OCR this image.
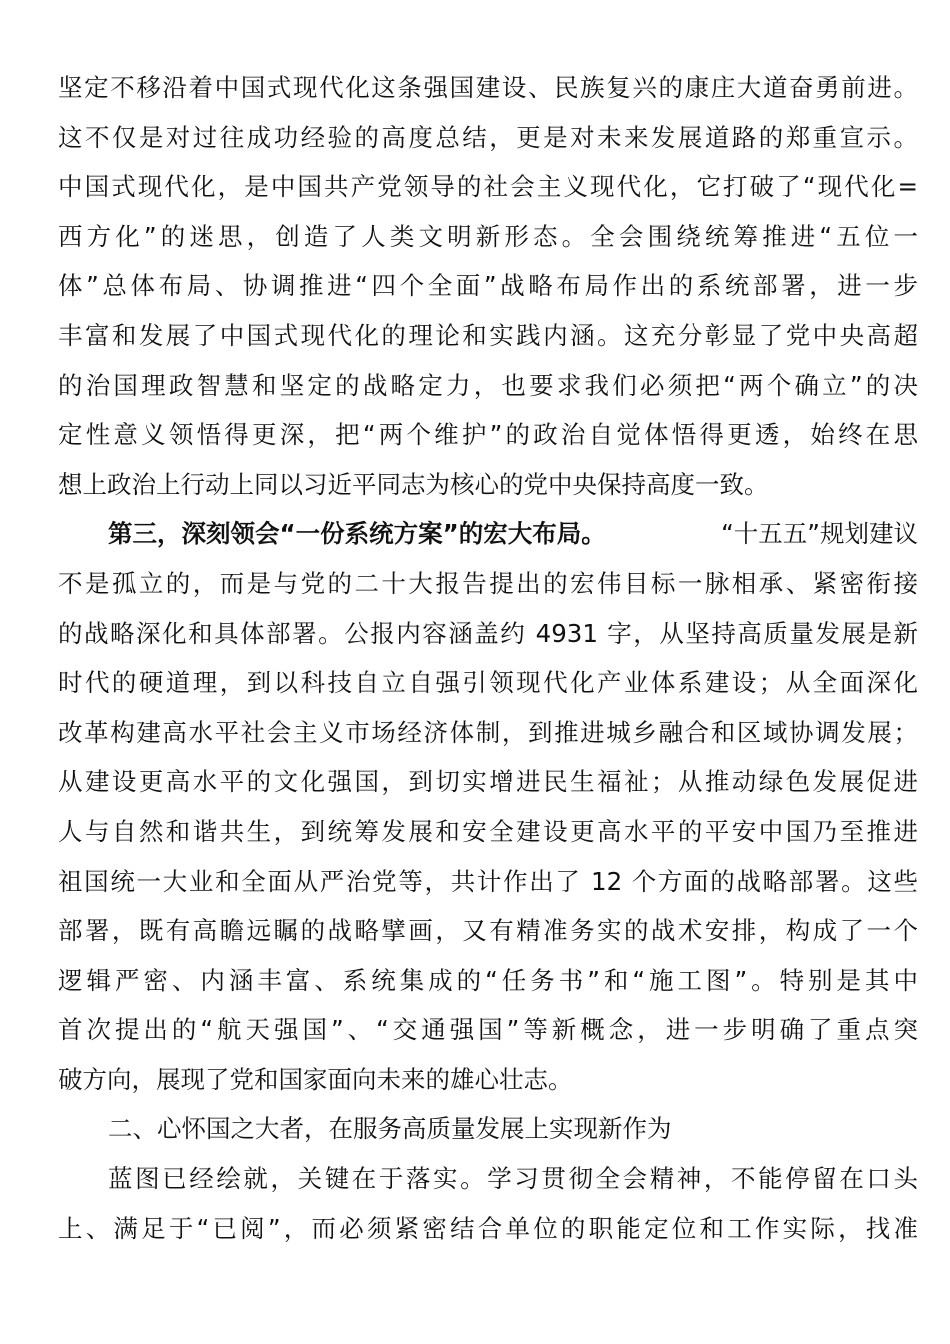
坚定不移沿着中国式现代化这条强国建设、民族复兴的康庄大道奋勇前进。
这不仅是对过往成功经验的高度总结，更是对未来发展道路的郑重宣示。
中国式现代化，是中国共产党领导的社会主义现代化，它打破了“现代化=
西方化”的迷思，创造了人类文明新形态。全会围绕统筹推进“五位一
体”总体布局、协调推进“四个全面”战略布局作出的系统部署，进一步
丰富和发展了中国式现代化的理论和实践内涵。这充分彰显了党中央高超
的治国理政智慧和坚定的战略定力，也要求我们必须把“两个确立”的决
定性意义领悟得更深，把“两个维护”的政治自觉体悟得更透，始终在思
想上政治上行动上同以习近平同志为核心的党中央保持高度一致。
第三，深刻领会“一份系统方案”的宏大布局。	“十五五”规划建议
不是孤立的，而是与党的二十大报告提出的宏伟目标一脉相承、紧密衔接
的战略深化和具体部署。公报内容涵盖约 4931 字，从坚持高质量发展是新
时代的硬道理，到以科技自立自强引领现代化产业体系建设；从全面深化
改革构建高水平社会主义市场经济体制，到推进城乡融合和区域协调发展；
从建设更高水平的文化强国，到切实增进民生福祉；从推动绿色发展促进
人与自然和谐共生，到统筹发展和安全建设更高水平的平安中国乃至推进
祖国统一大业和全面从严治党等，共计作出了 12 个方面的战略部署。这些
部署，既有高瞻远瞩的战略擘画，又有精准务实的战术安排，构成了一个
逻辑严密、内涵丰富、系统集成的“任务书”和“施工图”。特别是其中
首次提出的“航天强国”、“交通强国”等新概念，进一步明确了重点突
破方向，展现了党和国家面向未来的雄心壮志。
二、心怀国之大者，在服务高质量发展上实现新作为
蓝图已经绘就，关键在于落实。学习贯彻全会精神，不能停留在口头
上、满足于“已阅”，而必须紧密结合单位的职能定位和工作实际，找准
